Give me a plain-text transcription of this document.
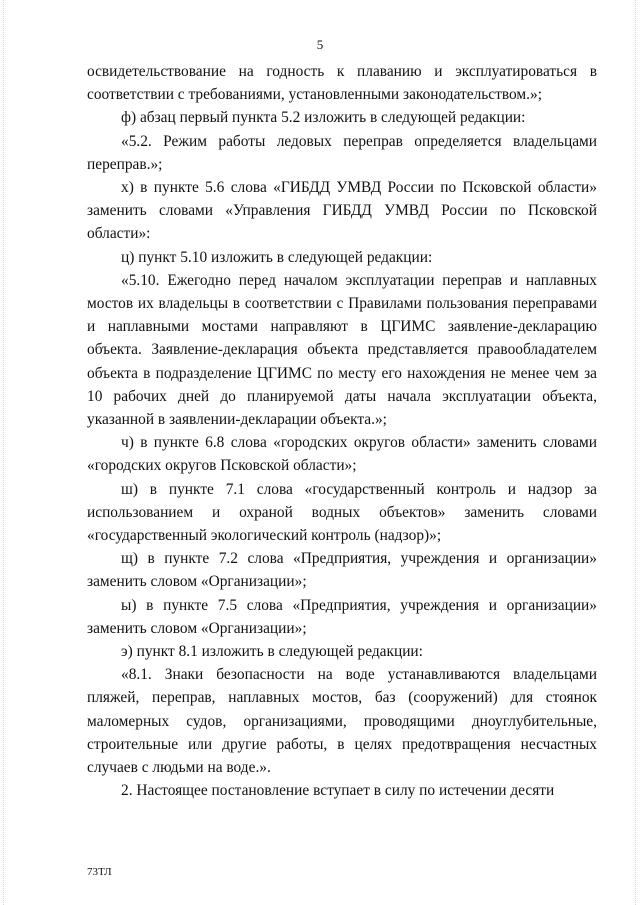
5

освидетельствование на годность к плаванию и эксплуатироваться в соответствии с требованиями, установленными законодательством.»;

ф) абзац первый пункта 5.2 изложить в следующей редакции:

«5.2. Режим работы ледовых переправ определяется владельцами переправ.»;

х) в пункте 5.6 слова «ГИБДД УМВД России по Псковской области» заменить словами «Управления ГИБДД УМВД России по Псковской области»:

ц) пункт 5.10 изложить в следующей редакции:

«5.10. Ежегодно перед началом эксплуатации переправ и наплавных мостов их владельцы в соответствии с Правилами пользования переправами и наплавными мостами направляют в ЦГИМС заявление-декларацию объекта. Заявление-декларация объекта представляется правообладателем объекта в подразделение ЦГИМС по месту его нахождения не менее чем за 10 рабочих дней до планируемой даты начала эксплуатации объекта, указанной в заявлении-декларации объекта.»;

ч) в пункте 6.8 слова «городских округов области» заменить словами «городских округов Псковской области»;

ш) в пункте 7.1 слова «государственный контроль и надзор за использованием и охраной водных объектов» заменить словами «государственный экологический контроль (надзор)»;

щ) в пункте 7.2 слова «Предприятия, учреждения и организации» заменить словом «Организации»;

ы) в пункте 7.5 слова «Предприятия, учреждения и организации» заменить словом «Организации»;

э) пункт 8.1 изложить в следующей редакции:

«8.1. Знаки безопасности на воде устанавливаются владельцами пляжей, переправ, наплавных мостов, баз (сооружений) для стоянок маломерных судов, организациями, проводящими дноуглубительные, строительные или другие работы, в целях предотвращения несчастных случаев с людьми на воде.».

2. Настоящее постановление вступает в силу по истечении десяти

73ТЛ
